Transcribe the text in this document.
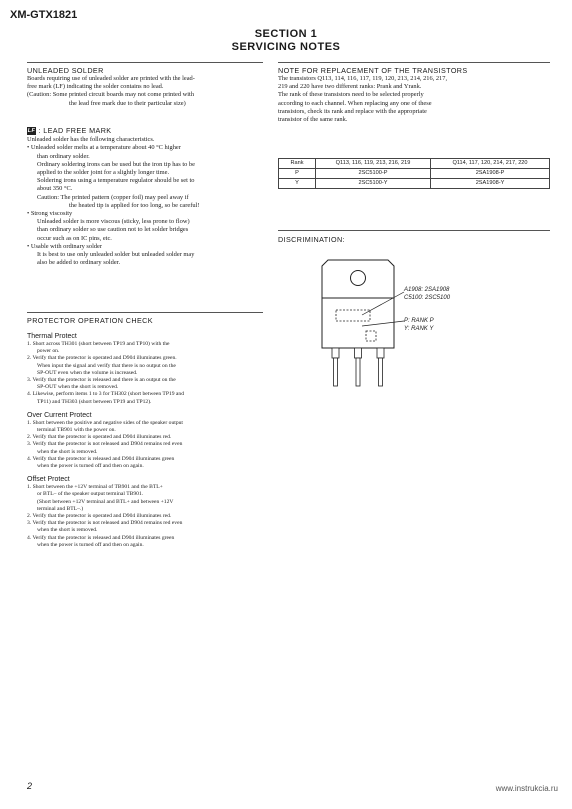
XM-GTX1821
SECTION 1
SERVICING NOTES
UNLEADED SOLDER
Boards requiring use of unleaded solder are printed with the lead-
free mark (LF) indicating the solder contains no lead.
(Caution: Some printed circuit boards may not come printed with
the lead free mark due to their particular size)
LF : LEAD FREE MARK
Unleaded solder has the following characteristics.
• Unleaded solder melts at a temperature about 40 °C higher
than ordinary solder.
Ordinary soldering irons can be used but the iron tip has to be
applied to the solder joint for a slightly longer time.
Soldering irons using a temperature regulator should be set to
about 350 °C.
Caution: The printed pattern (copper foil) may peel away if
the heated tip is applied for too long, so be careful!
• Strong viscosity
Unleaded solder is more viscous (sticky, less prone to flow)
than ordinary solder so use caution not to let solder bridges
occur such as on IC pins, etc.
• Usable with ordinary solder
It is best to use only unleaded solder but unleaded solder may
also be added to ordinary solder.
PROTECTOR OPERATION CHECK
Thermal Protect
1. Short across TH301 (short between TP19 and TP10) with the
power on.
2. Verify that the protector is operated and D904 illuminates green.
When input the signal and verify that there is no output on the
SP-OUT even when the volume is increased.
3. Verify that the protector is released and there is an output on the
SP-OUT when the short is removed.
4. Likewise, perform items 1 to 3 for TH302 (short between TP19 and
TP11) and TH303 (short between TP19 and TP12).
Over Current Protect
1. Short between the positive and negative sides of the speaker output
terminal TB901 with the power on.
2. Verify that the protector is operated and D904 illuminates red.
3. Verify that the protector is not released and D904 remains red even
when the short is removed.
4. Verify that the protector is released and D904 illuminates green
when the power is turned off and then on again.
Offset Protect
1. Short between the +12V terminal of TB901 and the BTL+
or BTL– of the speaker output terminal TB901.
(Short between +12V terminal and BTL+ and between +12V
terminal and BTL–.)
2. Verify that the protector is operated and D904 illuminates red.
3. Verify that the protector is not released and D904 remains red even
when the short is removed.
4. Verify that the protector is released and D904 illuminates green
when the power is turned off and then on again.
NOTE FOR REPLACEMENT OF THE TRANSISTORS
The transistors Q113, 114, 116, 117, 119, 120, 213, 214, 216, 217,
219 and 220 have two different ranks: Prank and Yrank.
The rank of these transistors need to be selected properly
according to each channel. When replacing any one of these
transistors, check its rank and replace with the appropriate
transistor of the same rank.
Rank	Q113, 116, 119, 213, 216, 219	Q114, 117, 120, 214, 217, 220
P	2SC5100-P	2SA1908-P
Y	2SC5100-Y	2SA1908-Y
DISCRIMINATION:
A1908: 2SA1908
C5100: 2SC5100
P: RANK P
Y: RANK Y
2	www.instrukcia.ru
